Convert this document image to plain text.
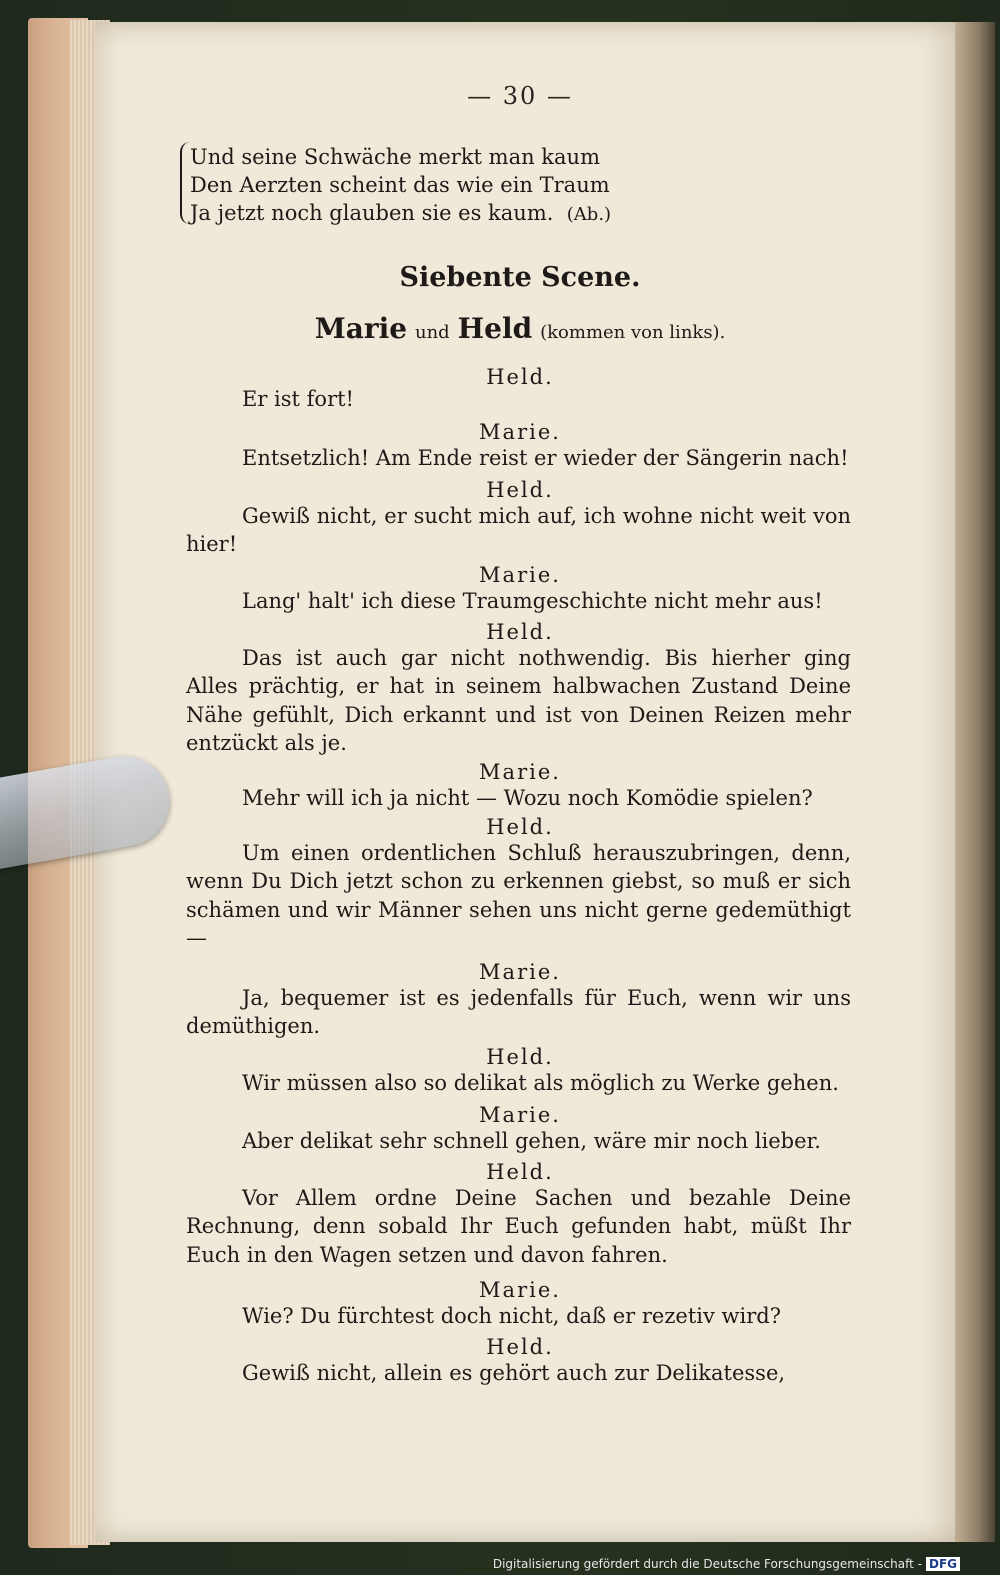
— 30 —
Und seine Schwäche merkt man kaum
Den Aerzten scheint das wie ein Traum
Ja jetzt noch glauben sie es kaum. (Ab.)
Siebente Scene.
Marie und Held (kommen von links).
Held.
Er ist fort!
Marie.
Entsetzlich! Am Ende reist er wieder der Sängerin nach!
Held.
Gewiß nicht, er sucht mich auf, ich wohne nicht weit von hier!
Marie.
Lang' halt' ich diese Traumgeschichte nicht mehr aus!
Held.
Das ist auch gar nicht nothwendig. Bis hierher ging Alles prächtig, er hat in seinem halbwachen Zustand Deine Nähe gefühlt, Dich erkannt und ist von Deinen Reizen mehr entzückt als je.
Marie.
Mehr will ich ja nicht — Wozu noch Komödie spielen?
Held.
Um einen ordentlichen Schluß herauszubringen, denn, wenn Du Dich jetzt schon zu erkennen giebst, so muß er sich schämen und wir Männer sehen uns nicht gerne gedemüthigt —
Marie.
Ja, bequemer ist es jedenfalls für Euch, wenn wir uns demüthigen.
Held.
Wir müssen also so delikat als möglich zu Werke gehen.
Marie.
Aber delikat sehr schnell gehen, wäre mir noch lieber.
Held.
Vor Allem ordne Deine Sachen und bezahle Deine Rechnung, denn sobald Ihr Euch gefunden habt, müßt Ihr Euch in den Wagen setzen und davon fahren.
Marie.
Wie? Du fürchtest doch nicht, daß er rezetiv wird?
Held.
Gewiß nicht, allein es gehört auch zur Delikatesse,
Digitalisierung gefördert durch die Deutsche Forschungsgemeinschaft - DFG
